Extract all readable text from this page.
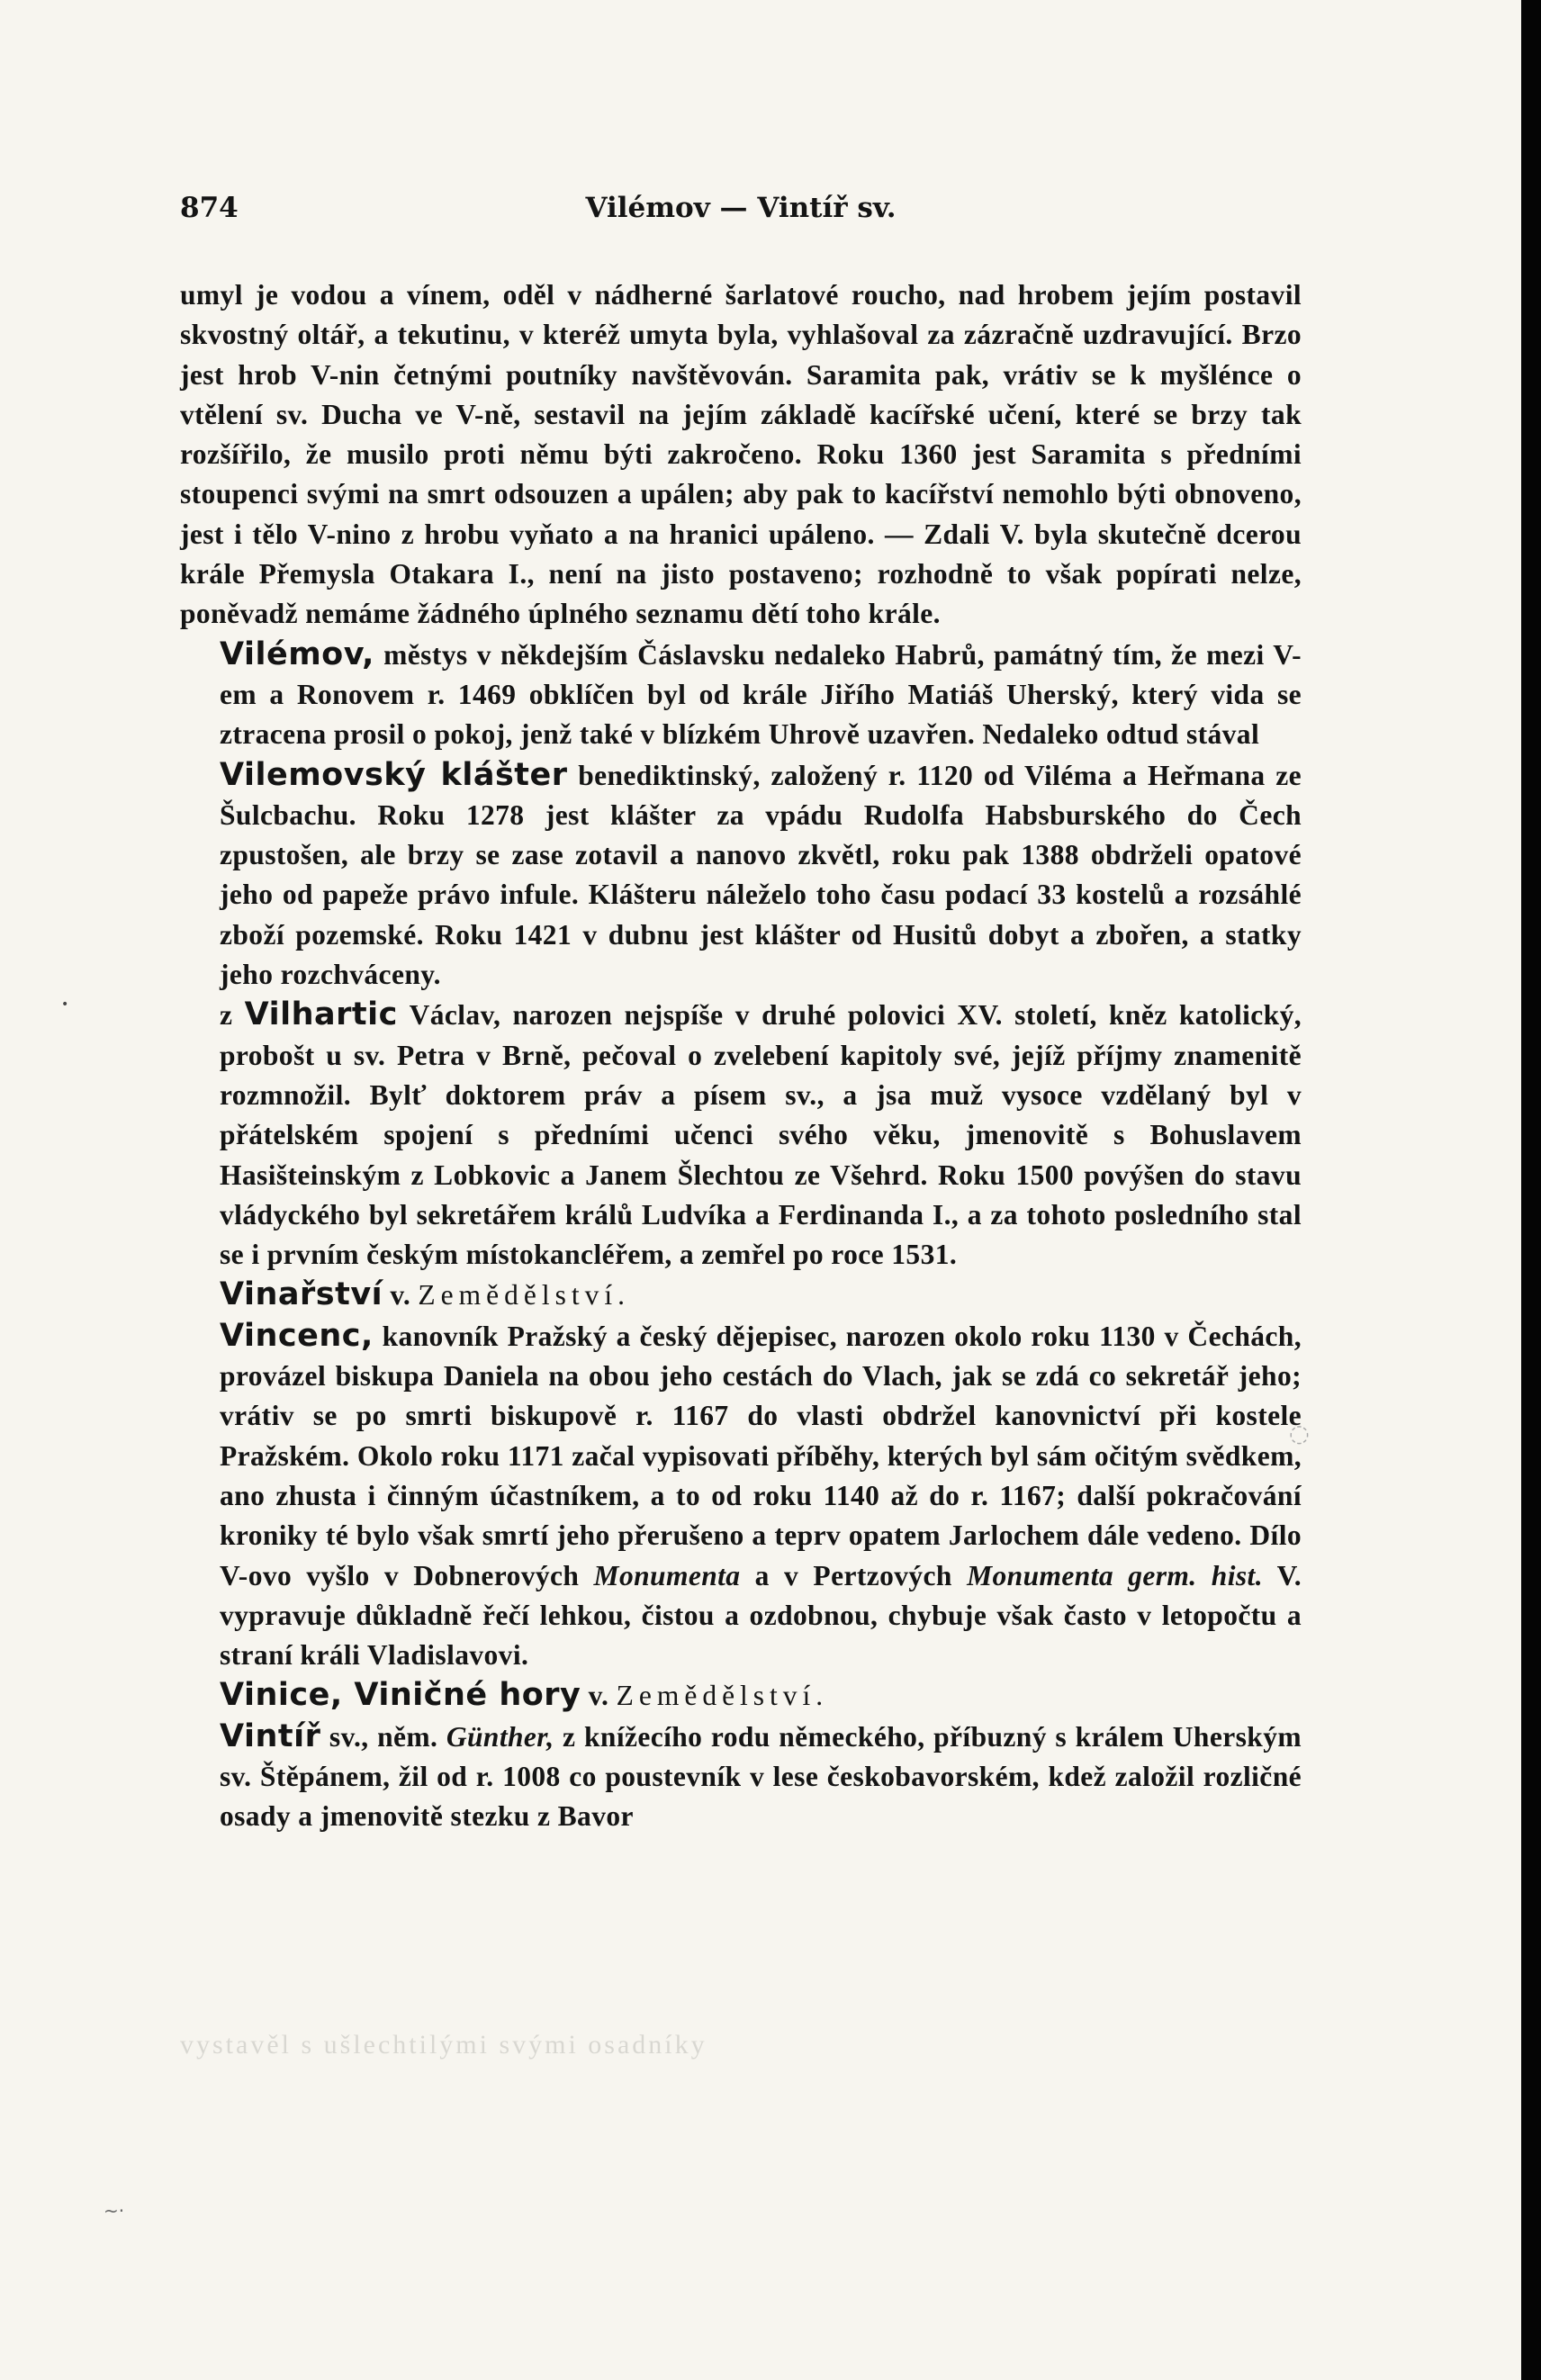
874	Vilémov — Vintíř sv.

umyl je vodou a vínem, oděl v nádherné šarlatové roucho, nad hrobem jejím postavil skvostný oltář, a tekutinu, v kteréž umyta byla, vyhlašoval za zázračně uzdravující. Brzo jest hrob V-nin četnými poutníky navštěvován. Saramita pak, vrátiv se k myšlénce o vtělení sv. Ducha ve V-ně, sestavil na jejím základě kacířské učení, které se brzy tak rozšířilo, že musilo proti němu býti zakročeno. Roku 1360 jest Saramita s předními stoupenci svými na smrt odsouzen a upálen; aby pak to kacířství nemohlo býti obnoveno, jest i tělo V-nino z hrobu vyňato a na hranici upáleno. — Zdali V. byla skutečně dcerou krále Přemysla Otakara I., není na jisto postaveno; rozhodně to však popírati nelze, poněvadž nemáme žádného úplného seznamu dětí toho krále.

Vilémov, městys v někdejším Čáslavsku nedaleko Habrů, památný tím, že mezi V-em a Ronovem r. 1469 obklíčen byl od krále Jiřího Matiáš Uherský, který vida se ztracena prosil o pokoj, jenž také v blízkém Uhrově uzavřen. Nedaleko odtud stával

Vilemovský klášter benediktinský, založený r. 1120 od Viléma a Heřmana ze Šulcbachu. Roku 1278 jest klášter za vpádu Rudolfa Habsburského do Čech zpustošen, ale brzy se zase zotavil a nanovo zkvětl, roku pak 1388 obdrželi opatové jeho od papeže právo infule. Klášteru náleželo toho času podací 33 kostelů a rozsáhlé zboží pozemské. Roku 1421 v dubnu jest klášter od Husitů dobyt a zbořen, a statky jeho rozchváceny.

z Vilhartic Václav, narozen nejspíše v druhé polovici XV. století, kněz katolický, probošt u sv. Petra v Brně, pečoval o zvelebení kapitoly své, jejíž příjmy znamenitě rozmnožil. Bylť doktorem práv a písem sv., a jsa muž vysoce vzdělaný byl v přátelském spojení s předními učenci svého věku, jmenovitě s Bohuslavem Hasišteinským z Lobkovic a Janem Šlechtou ze Všehrd. Roku 1500 povýšen do stavu vládyckého byl sekretářem králů Ludvíka a Ferdinanda I., a za tohoto posledního stal se i prvním českým místokancléřem, a zemřel po roce 1531.

Vinařství v. Zemědělství.

Vincenc, kanovník Pražský a český dějepisec, narozen okolo roku 1130 v Čechách, provázel biskupa Daniela na obou jeho cestách do Vlach, jak se zdá co sekretář jeho; vrátiv se po smrti biskupově r. 1167 do vlasti obdržel kanovnictví při kostele Pražském. Okolo roku 1171 začal vypisovati příběhy, kterých byl sám očitým svědkem, ano zhusta i činným účastníkem, a to od roku 1140 až do r. 1167; další pokračování kroniky té bylo však smrtí jeho přerušeno a teprv opatem Jarlochem dále vedeno. Dílo V-ovo vyšlo v Dobnerových Monumenta a v Pertzových Monumenta germ. hist. V. vypravuje důkladně řečí lehkou, čistou a ozdobnou, chybuje však často v letopočtu a straní králi Vladislavovi.

Vinice, Viničné hory v. Zemědělství.

Vintíř sv., něm. Günther, z knížecího rodu německého, příbuzný s králem Uherským sv. Štěpánem, žil od r. 1008 co poustevník v lese českobavorském, kdež založil rozličné osady a jmenovitě stezku z Bavor

vystavěl s ušlechtilými svými osadníky
•
◌
~·
